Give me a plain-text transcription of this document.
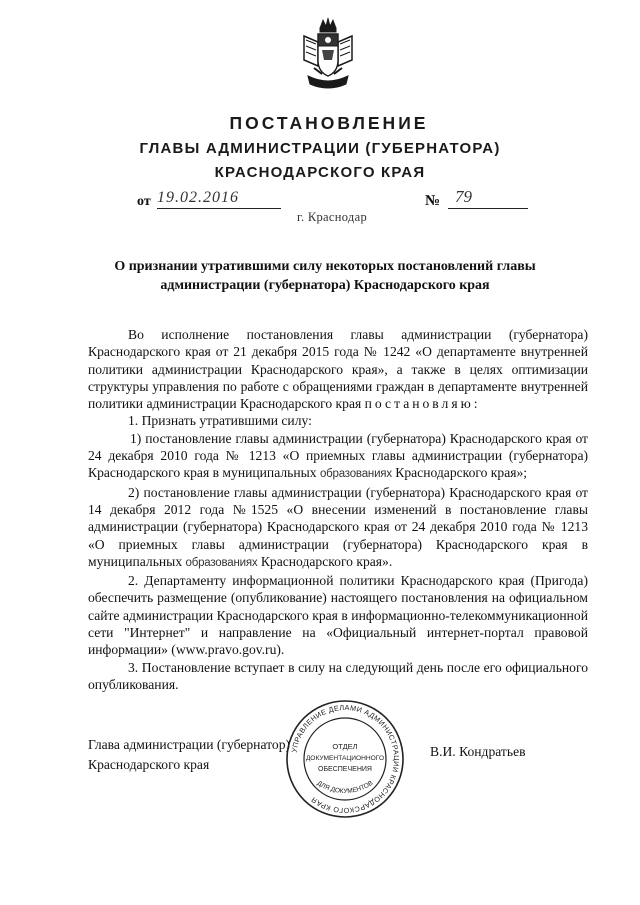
ПОСТАНОВЛЕНИЕ
ГЛАВЫ АДМИНИСТРАЦИИ (ГУБЕРНАТОРА)
КРАСНОДАРСКОГО КРАЯ
от 19.02.2016	№ 79
г. Краснодар
О признании утратившими силу некоторых постановлений главы администрации (губернатора) Краснодарского края

Во исполнение постановления главы администрации (губернатора) Краснодарского края от 21 декабря 2015 года № 1242 «О департаменте внутренней политики администрации Краснодарского края», а также в целях оптимизации структуры управления по работе с обращениями граждан в департаменте внутренней политики администрации Краснодарского края постановляю:

1. Признать утратившими силу:

1) постановление главы администрации (губернатора) Краснодарского края от 24 декабря 2010 года № 1213 «О приемных главы администрации (губернатора) Краснодарского края в муниципальных образованиях Краснодарского края»;

2) постановление главы администрации (губернатора) Краснодарского края от 14 декабря 2012 года №1525 «О внесении изменений в постановление главы администрации (губернатора) Краснодарского края от 24 декабря 2010 года № 1213 «О приемных главы администрации (губернатора) Краснодарского края в муниципальных образованиях Краснодарского края».

2. Департаменту информационной политики Краснодарского края (Пригода) обеспечить размещение (опубликование) настоящего постановления на официальном сайте администрации Краснодарского края в информационно-телекоммуникационной сети "Интернет" и направление на «Официальный интернет-портал правовой информации» (www.pravo.gov.ru).

3. Постановление вступает в силу на следующий день после его официального опубликования.

Глава администрации (губернатор)
Краснодарского края
В.И. Кондратьев
УПРАВЛЕНИЕ ДЕЛАМИ АДМИНИСТРАЦИИ КРАСНОДАРСКОГО КРАЯ
ДЛЯ ДОКУМЕНТОВ
ОТДЕЛ
ДОКУМЕНТАЦИОННОГО
ОБЕСПЕЧЕНИЯ
